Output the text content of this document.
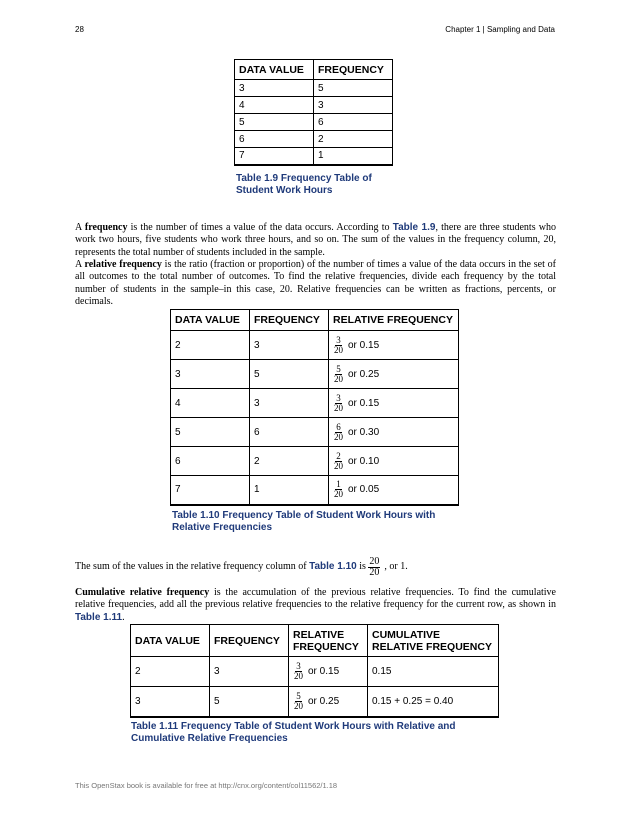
28	Chapter 1 | Sampling and Data
DATA VALUE	FREQUENCY
3	5
4	3
5	6
6	2
7	1
Table 1.9 Frequency Table of
Student Work Hours
A frequency is the number of times a value of the data occurs. According to Table 1.9, there are three students who work two hours, five students who work three hours, and so on. The sum of the values in the frequency column, 20, represents the total number of students included in the sample.
A relative frequency is the ratio (fraction or proportion) of the number of times a value of the data occurs in the set of all outcomes to the total number of outcomes. To find the relative frequencies, divide each frequency by the total number of students in the sample–in this case, 20. Relative frequencies can be written as fractions, percents, or decimals.
DATA VALUE	FREQUENCY	RELATIVE FREQUENCY
2	3	$\frac{3}{20}$ or 0.15

3	5	$\frac{5}{20}$ or 0.25

4	3	$\frac{3}{20}$ or 0.15

5	6	$\frac{6}{20}$ or 0.30

6	2	$\frac{2}{20}$ or 0.10

7	1	$\frac{1}{20}$ or 0.05
Table 1.10 Frequency Table of Student Work Hours with
Relative Frequencies
The sum of the values in the relative frequency column of Table 1.10 is $\frac{20}{20}$ , or 1.
Cumulative relative frequency is the accumulation of the previous relative frequencies. To find the cumulative relative frequencies, add all the previous relative frequencies to the relative frequency for the current row, as shown in Table 1.11.
DATA VALUE	FREQUENCY	RELATIVE FREQUENCY	CUMULATIVE RELATIVE FREQUENCY
2	3	$\frac{3}{20}$ or 0.15	0.15
3	5	$\frac{5}{20}$ or 0.25	0.15 + 0.25 = 0.40
Table 1.11 Frequency Table of Student Work Hours with Relative and
Cumulative Relative Frequencies
This OpenStax book is available for free at http://cnx.org/content/col11562/1.18
